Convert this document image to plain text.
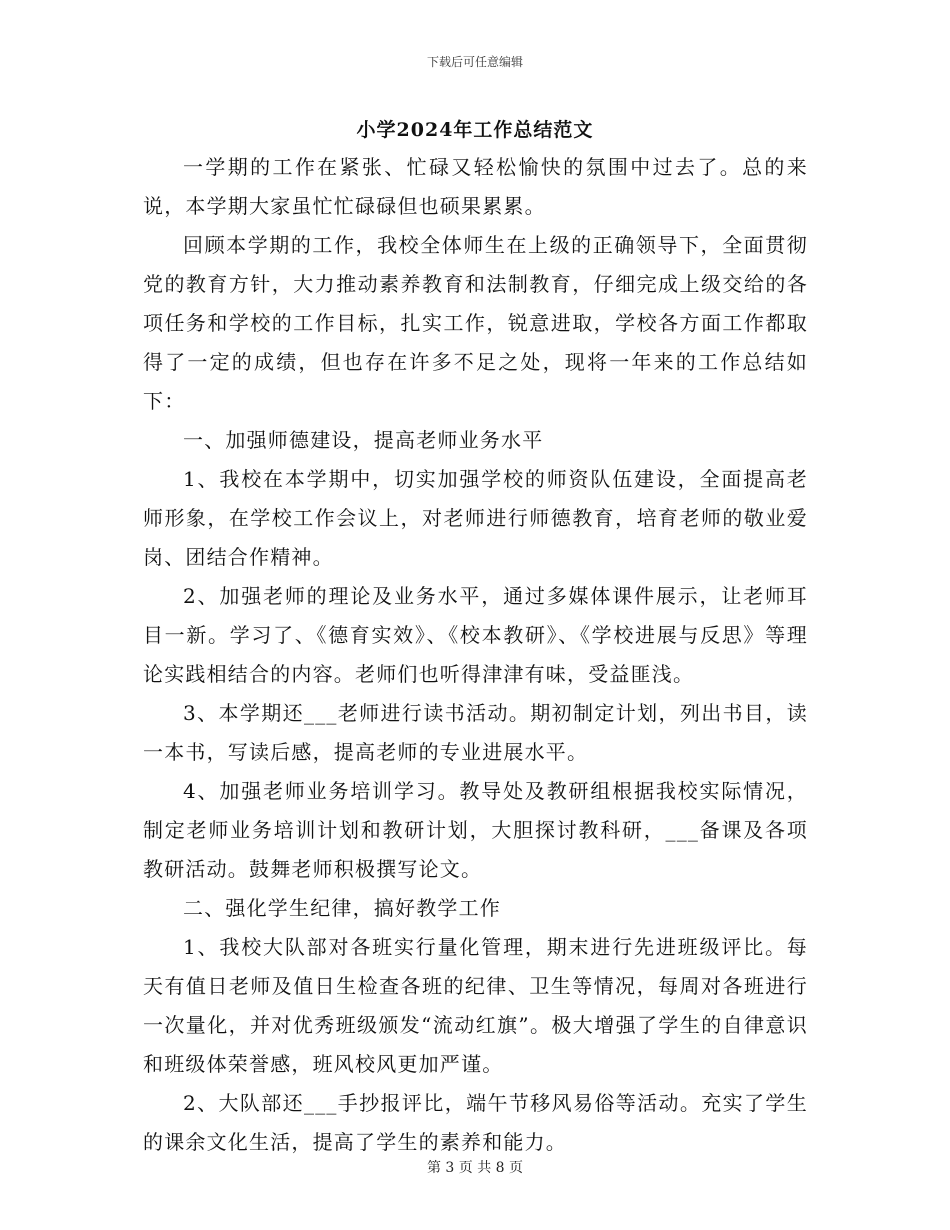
下载后可任意编辑
小学2024年工作总结范文

一学期的工作在紧张、忙碌又轻松愉快的氛围中过去了。总的来说，本学期大家虽忙忙碌碌但也硕果累累。

回顾本学期的工作，我校全体师生在上级的正确领导下，全面贯彻党的教育方针，大力推动素养教育和法制教育，仔细完成上级交给的各项任务和学校的工作目标，扎实工作，锐意进取，学校各方面工作都取得了一定的成绩，但也存在许多不足之处，现将一年来的工作总结如下：

一、加强师德建设，提高老师业务水平

1、我校在本学期中，切实加强学校的师资队伍建设，全面提高老师形象，在学校工作会议上，对老师进行师德教育，培育老师的敬业爱岗、团结合作精神。

2、加强老师的理论及业务水平，通过多媒体课件展示，让老师耳目一新。学习了、《德育实效》、《校本教研》、《学校进展与反思》等理论实践相结合的内容。老师们也听得津津有味，受益匪浅。

3、本学期还___老师进行读书活动。期初制定计划，列出书目，读一本书，写读后感，提高老师的专业进展水平。

4、加强老师业务培训学习。教导处及教研组根据我校实际情况，制定老师业务培训计划和教研计划，大胆探讨教科研，___备课及各项教研活动。鼓舞老师积极撰写论文。

二、强化学生纪律，搞好教学工作

1、我校大队部对各班实行量化管理，期末进行先进班级评比。每天有值日老师及值日生检查各班的纪律、卫生等情况，每周对各班进行一次量化，并对优秀班级颁发“流动红旗”。极大增强了学生的自律意识和班级体荣誉感，班风校风更加严谨。

2、大队部还___手抄报评比，端午节移风易俗等活动。充实了学生的课余文化生活，提高了学生的素养和能力。

第 3 页 共 8 页
